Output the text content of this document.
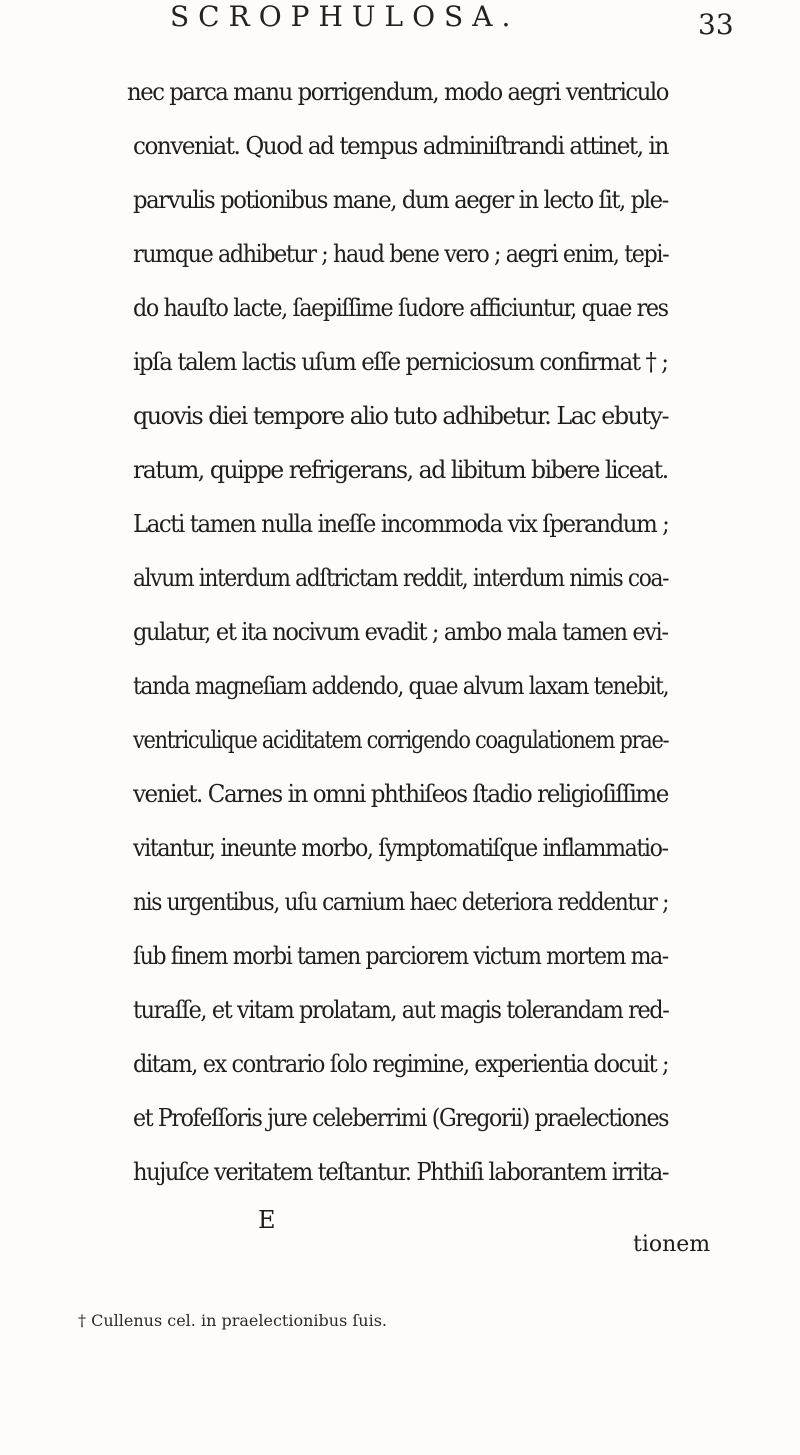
SCROPHULOSA.	33
nec parca manu porrigendum, modo aegri ventriculo
conveniat. Quod ad tempus adminiſtrandi attinet, in
parvulis potionibus mane, dum aeger in lecto ſit, ple-
rumque adhibetur ; haud bene vero ; aegri enim, tepi-
do hauſto lacte, ſaepiſſime ſudore afficiuntur, quae res
ipſa talem lactis uſum eſſe perniciosum confirmat † ;
quovis diei tempore alio tuto adhibetur. Lac ebuty-
ratum, quippe refrigerans, ad libitum bibere liceat.
Lacti tamen nulla ineſſe incommoda vix ſperandum ;
alvum interdum adſtrictam reddit, interdum nimis coa-
gulatur, et ita nocivum evadit ; ambo mala tamen evi-
tanda magneſiam addendo, quae alvum laxam tenebit,
ventriculique aciditatem corrigendo coagulationem prae-
veniet. Carnes in omni phthiſeos ſtadio religioſiſſime
vitantur, ineunte morbo, ſymptomatiſque inflammatio-
nis urgentibus, uſu carnium haec deteriora reddentur ;
ſub finem morbi tamen parciorem victum mortem ma-
turaſſe, et vitam prolatam, aut magis tolerandam red-
ditam, ex contrario ſolo regimine, experientia docuit ;
et Profeſſoris jure celeberrimi (Gregorii) praelectiones
hujuſce veritatem teſtantur. Phthiſi laborantem irrita-
E
tionem
† Cullenus cel. in praelectionibus ſuis.
